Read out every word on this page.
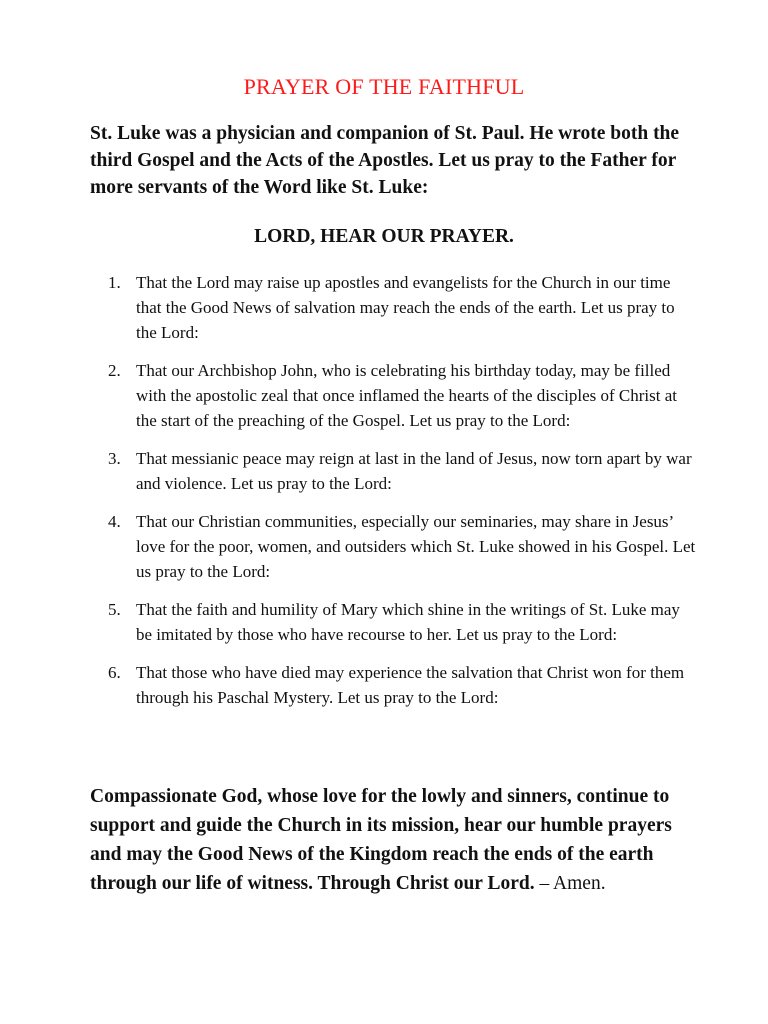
PRAYER OF THE FAITHFUL

St. Luke was a physician and companion of St. Paul. He wrote both the third Gospel and the Acts of the Apostles. Let us pray to the Father for more servants of the Word like St. Luke:

LORD, HEAR OUR PRAYER.

1. That the Lord may raise up apostles and evangelists for the Church in our time that the Good News of salvation may reach the ends of the earth. Let us pray to the Lord:
2. That our Archbishop John, who is celebrating his birthday today, may be filled with the apostolic zeal that once inflamed the hearts of the disciples of Christ at the start of the preaching of the Gospel. Let us pray to the Lord:
3. That messianic peace may reign at last in the land of Jesus, now torn apart by war and violence. Let us pray to the Lord:
4. That our Christian communities, especially our seminaries, may share in Jesus’ love for the poor, women, and outsiders which St. Luke showed in his Gospel. Let us pray to the Lord:
5. That the faith and humility of Mary which shine in the writings of St. Luke may be imitated by those who have recourse to her. Let us pray to the Lord:
6. That those who have died may experience the salvation that Christ won for them through his Paschal Mystery. Let us pray to the Lord:

Compassionate God, whose love for the lowly and sinners, continue to support and guide the Church in its mission, hear our humble prayers and may the Good News of the Kingdom reach the ends of the earth through our life of witness. Through Christ our Lord. – Amen.
